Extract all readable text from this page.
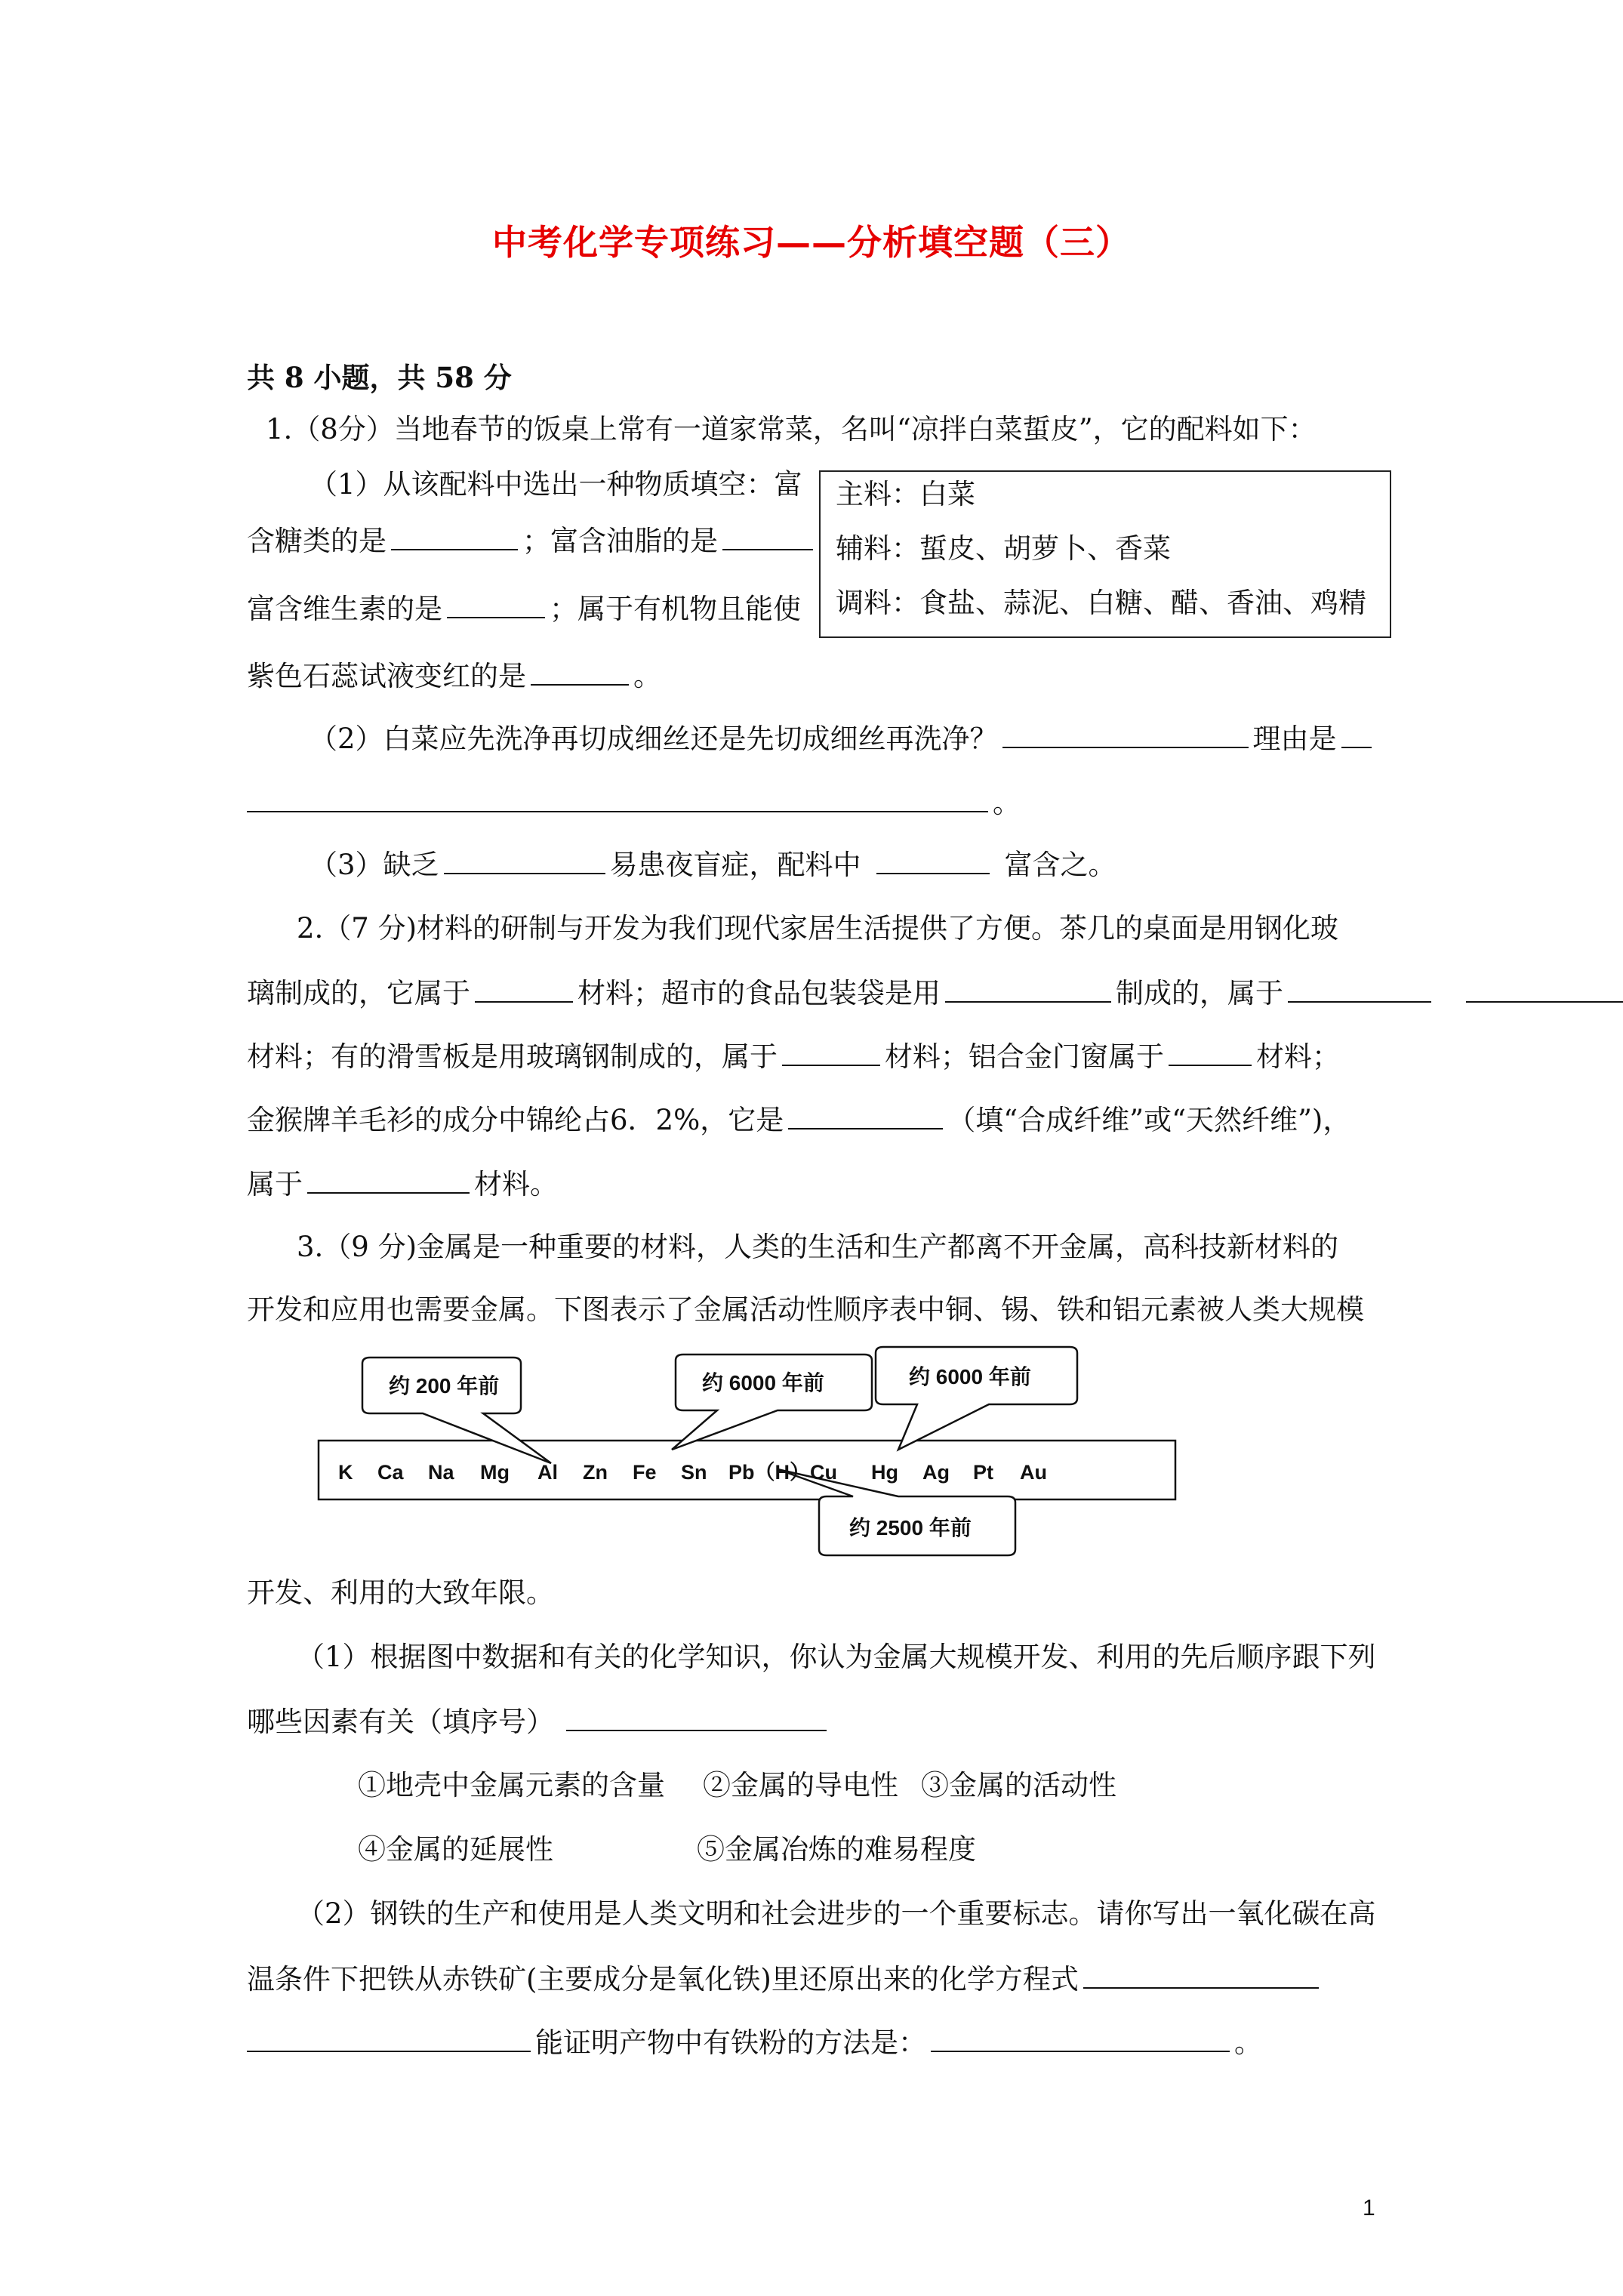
中考化学专项练习——分析填空题（三）
共 8 小题，共 58 分
1.（8分）当地春节的饭桌上常有一道家常菜，名叫“凉拌白菜蜇皮”，它的配料如下：
（1）从该配料中选出一种物质填空：富
含糖类的是	；富含油脂的是
富含维生素的是	；属于有机物且能使
紫色石蕊试液变红的是	。
主料：白菜
辅料：蜇皮、胡萝卜、香菜
调料：食盐、蒜泥、白糖、醋、香油、鸡精
（2）白菜应先洗净再切成细丝还是先切成细丝再洗净？	理由是
。
（3）缺乏	易患夜盲症，配料中	富含之。
2.（7 分)材料的研制与开发为我们现代家居生活提供了方便。茶几的桌面是用钢化玻
璃制成的，它属于	材料；超市的食品包装袋是用	制成的，属于
材料；有的滑雪板是用玻璃钢制成的，属于	材料；铝合金门窗属于	材料；
金猴牌羊毛衫的成分中锦纶占6．2%，它是	（填“合成纤维”或“天然纤维”)，
属于	材料。
3.（9 分)金属是一种重要的材料，人类的生活和生产都离不开金属，高科技新材料的
开发和应用也需要金属。下图表示了金属活动性顺序表中铜、锡、铁和铝元素被人类大规模
约 200 年前	约 6000 年前	约 6000 年前
约 2500 年前
K Ca Na Mg Al Zn Fe Sn Pb（H）Cu Hg Ag Pt Au
开发、利用的大致年限。
（1）根据图中数据和有关的化学知识，你认为金属大规模开发、利用的先后顺序跟下列
哪些因素有关（填序号）
①地壳中金属元素的含量 ②金属的导电性 ③金属的活动性
④金属的延展性	⑤金属冶炼的难易程度
（2）钢铁的生产和使用是人类文明和社会进步的一个重要标志。请你写出一氧化碳在高
温条件下把铁从赤铁矿(主要成分是氧化铁)里还原出来的化学方程式
能证明产物中有铁粉的方法是：	。
1
